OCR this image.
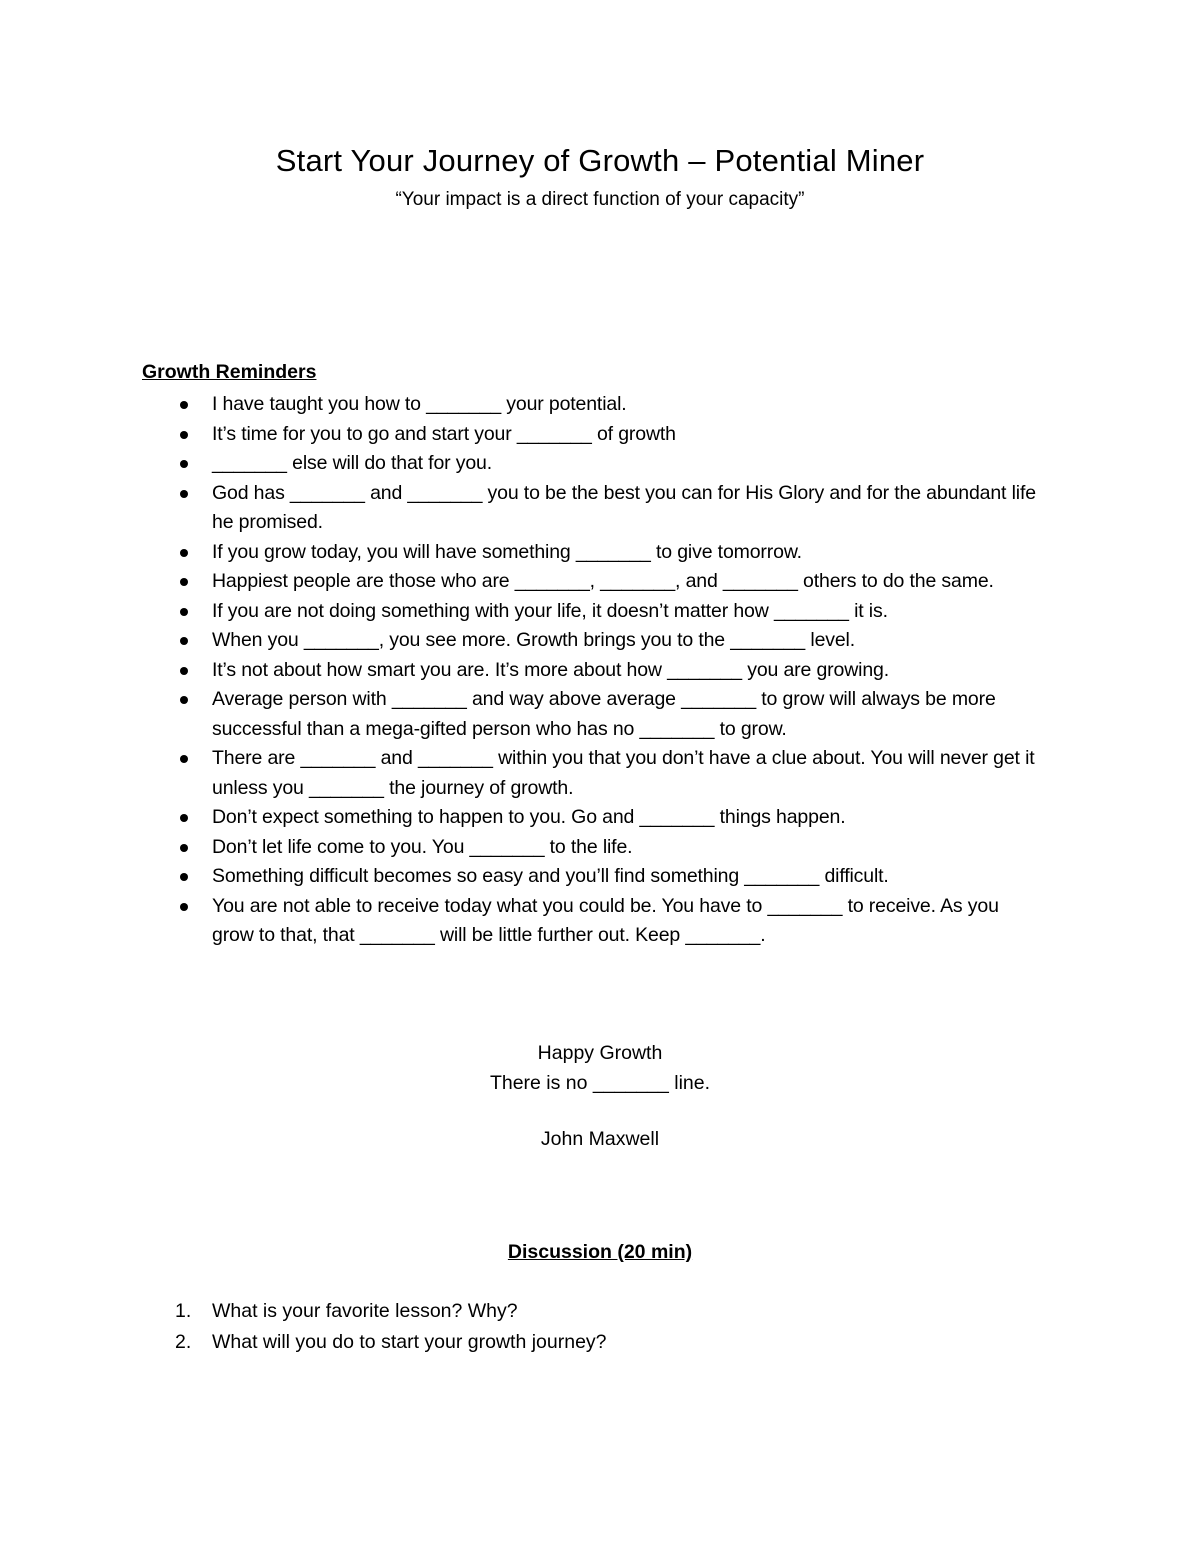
Start Your Journey of Growth – Potential Miner
“Your impact is a direct function of your capacity”
Growth Reminders
I have taught you how to _______ your potential.
It’s time for you to go and start your _______ of growth
_______ else will do that for you.
God has _______ and _______ you to be the best you can for His Glory and for the abundant life he promised.
If you grow today, you will have something _______ to give tomorrow.
Happiest people are those who are _______, _______, and _______ others to do the same.
If you are not doing something with your life, it doesn’t matter how _______ it is.
When you _______, you see more. Growth brings you to the _______ level.
It’s not about how smart you are. It’s more about how _______ you are growing.
Average person with _______ and way above average _______ to grow will always be more successful than a mega-gifted person who has no _______ to grow.
There are _______ and _______ within you that you don’t have a clue about. You will never get it unless you _______ the journey of growth.
Don’t expect something to happen to you. Go and _______ things happen.
Don’t let life come to you. You _______ to the life.
Something difficult becomes so easy and you’ll find something _______ difficult.
You are not able to receive today what you could be. You have to _______ to receive. As you grow to that, that _______ will be little further out. Keep _______.
Happy Growth
There is no _______ line.
John Maxwell
Discussion (20 min)
1. What is your favorite lesson? Why?
2. What will you do to start your growth journey?
